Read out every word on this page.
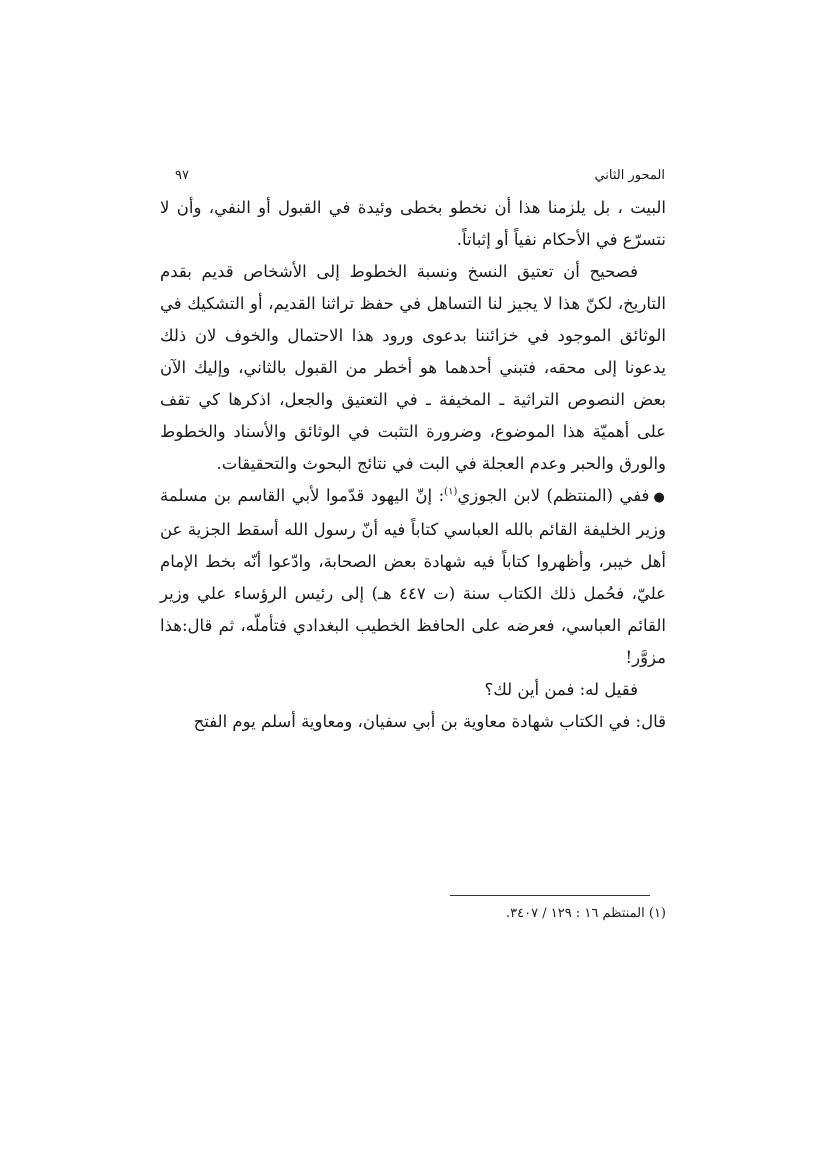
المحور الثاني
٩٧

البيت ، بل يلزمنا هذا أن نخطو بخطى وئيدة في القبول أو النفي، وأن لا نتسرّع في الأحكام نفياً أو إثباتاً.

فصحيح أن تعتيق النسخ ونسبة الخطوط إلى الأشخاص قديم بقدم التاريخ، لكنّ هذا لا يجيز لنا التساهل في حفظ تراثنا القديم، أو التشكيك في الوثائق الموجود في خزائننا بدعوى ورود هذا الاحتمال والخوف لان ذلك يدعونا إلى محقه، فتبني أحدهما هو أخطر من القبول بالثاني، وإليك الآن بعض النصوص التراثية ـ المخيفة ـ في التعتيق والجعل، اذكرها كي تقف على أهميّة هذا الموضوع، وضرورة التثبت في الوثائق والأسناد والخطوط والورق والحبر وعدم العجلة في البت في نتائج البحوث والتحقيقات.

●ففي (المنتظم) لابن الجوزي$^{(١)}$: إنّ اليهود قدّموا لأبي القاسم بن مسلمة وزير الخليفة القائم بالله العباسي كتاباً فيه أنّ رسول الله أسقط الجزية عن أهل خيبر، وأظهروا كتاباً فيه شهادة بعض الصحابة، وادّعوا أنّه بخط الإمام عليّ، فحُمل ذلك الكتاب سنة (ت ٤٤٧ هـ) إلى رئيس الرؤساء علي وزير القائم العباسي، فعرضه على الحافظ الخطيب البغدادي فتأملّه، ثم قال:هذا مزوَّر!

فقيل له: فمن أين لك؟

قال: في الكتاب شهادة معاوية بن أبي سفيان، ومعاوية أسلم يوم الفتح

(١) المنتظم ١٦ : ١٢٩ / ٣٤٠٧.
